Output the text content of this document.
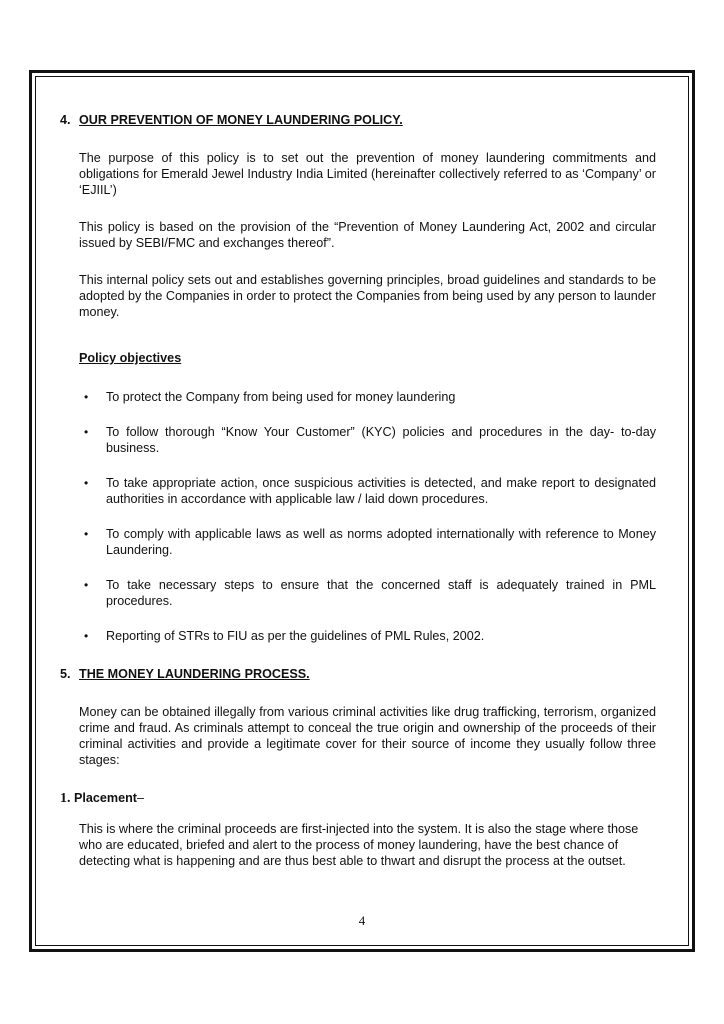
4. OUR PREVENTION OF MONEY LAUNDERING POLICY.

The purpose of this policy is to set out the prevention of money laundering commitments and obligations for Emerald Jewel Industry India Limited (hereinafter collectively referred to as ‘Company’ or ‘EJIIL’)

This policy is based on the provision of the “Prevention of Money Laundering Act, 2002 and circular issued by SEBI/FMC and exchanges thereof”.

This internal policy sets out and establishes governing principles, broad guidelines and standards to be adopted by the Companies in order to protect the Companies from being used by any person to launder money.

Policy objectives
•	To protect the Company from being used for money laundering
•	To follow thorough “Know Your Customer” (KYC) policies and procedures in the day- to-day business.
•	To take appropriate action, once suspicious activities is detected, and make report to designated authorities in accordance with applicable law / laid down procedures.
•	To comply with applicable laws as well as norms adopted internationally with reference to Money Laundering.
•	To take necessary steps to ensure that the concerned staff is adequately trained in PML procedures.
•	Reporting of STRs to FIU as per the guidelines of PML Rules, 2002.
5. THE MONEY LAUNDERING PROCESS.

Money can be obtained illegally from various criminal activities like drug trafficking, terrorism, organized crime and fraud. As criminals attempt to conceal the true origin and ownership of the proceeds of their criminal activities and provide a legitimate cover for their source of income they usually follow three stages:

1. Placement–

This is where the criminal proceeds are first-injected into the system. It is also the stage where those who are educated, briefed and alert to the process of money laundering, have the best chance of detecting what is happening and are thus best able to thwart and disrupt the process at the outset.

4
